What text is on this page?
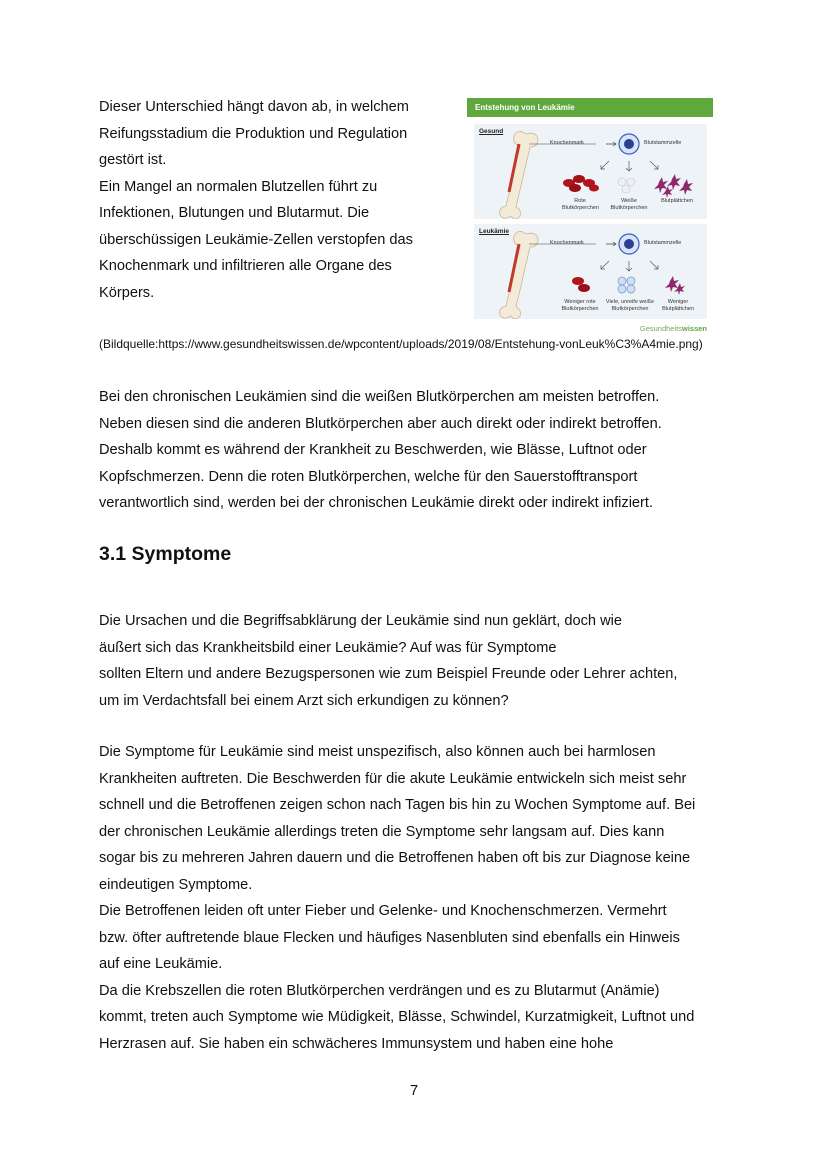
Dieser Unterschied hängt davon ab, in welchem
Reifungsstadium die Produktion und Regulation
gestört ist.
Ein Mangel an normalen Blutzellen führt zu
Infektionen, Blutungen und Blutarmut. Die
überschüssigen Leukämie-Zellen verstopfen das
Knochenmark und infiltrieren alle Organe des
Körpers.
Entstehung von Leukämie
Gesund
Knochenmark	Blutstammzelle
Rote Blutkörperchen
Weiße Blutkörperchen
Blutplättchen
Leukämie
Knochenmark	Blutstammzelle
Weniger rote Blutkörperchen
Viele, unreife weiße Blutkörperchen
Weniger Blutplättchen
Gesundheitswissen
(Bildquelle:https://www.gesundheitswissen.de/wpcontent/uploads/2019/08/Entstehung-vonLeuk%C3%A4mie.png)
Bei den chronischen Leukämien sind die weißen Blutkörperchen am meisten betroffen.
Neben diesen sind die anderen Blutkörperchen aber auch direkt oder indirekt betroffen.
Deshalb kommt es während der Krankheit zu Beschwerden, wie Blässe, Luftnot oder
Kopfschmerzen. Denn die roten Blutkörperchen, welche für den Sauerstofftransport
verantwortlich sind, werden bei der chronischen Leukämie direkt oder indirekt infiziert.
3.1 Symptome
Die Ursachen und die Begriffsabklärung der Leukämie sind nun geklärt, doch wie
äußert sich das Krankheitsbild einer Leukämie? Auf was für Symptome
sollten Eltern und andere Bezugspersonen wie zum Beispiel Freunde oder Lehrer achten,
um im Verdachtsfall bei einem Arzt sich erkundigen zu können?
Die Symptome für Leukämie sind meist unspezifisch, also können auch bei harmlosen
Krankheiten auftreten. Die Beschwerden für die akute Leukämie entwickeln sich meist sehr
schnell und die Betroffenen zeigen schon nach Tagen bis hin zu Wochen Symptome auf. Bei
der chronischen Leukämie allerdings treten die Symptome sehr langsam auf. Dies kann
sogar bis zu mehreren Jahren dauern und die Betroffenen haben oft bis zur Diagnose keine
eindeutigen Symptome.
Die Betroffenen leiden oft unter Fieber und Gelenke- und Knochenschmerzen. Vermehrt
bzw. öfter auftretende blaue Flecken und häufiges Nasenbluten sind ebenfalls ein Hinweis
auf eine Leukämie.
Da die Krebszellen die roten Blutkörperchen verdrängen und es zu Blutarmut (Anämie)
kommt, treten auch Symptome wie Müdigkeit, Blässe, Schwindel, Kurzatmigkeit, Luftnot und
Herzrasen auf. Sie haben ein schwächeres Immunsystem und haben eine hohe
7
